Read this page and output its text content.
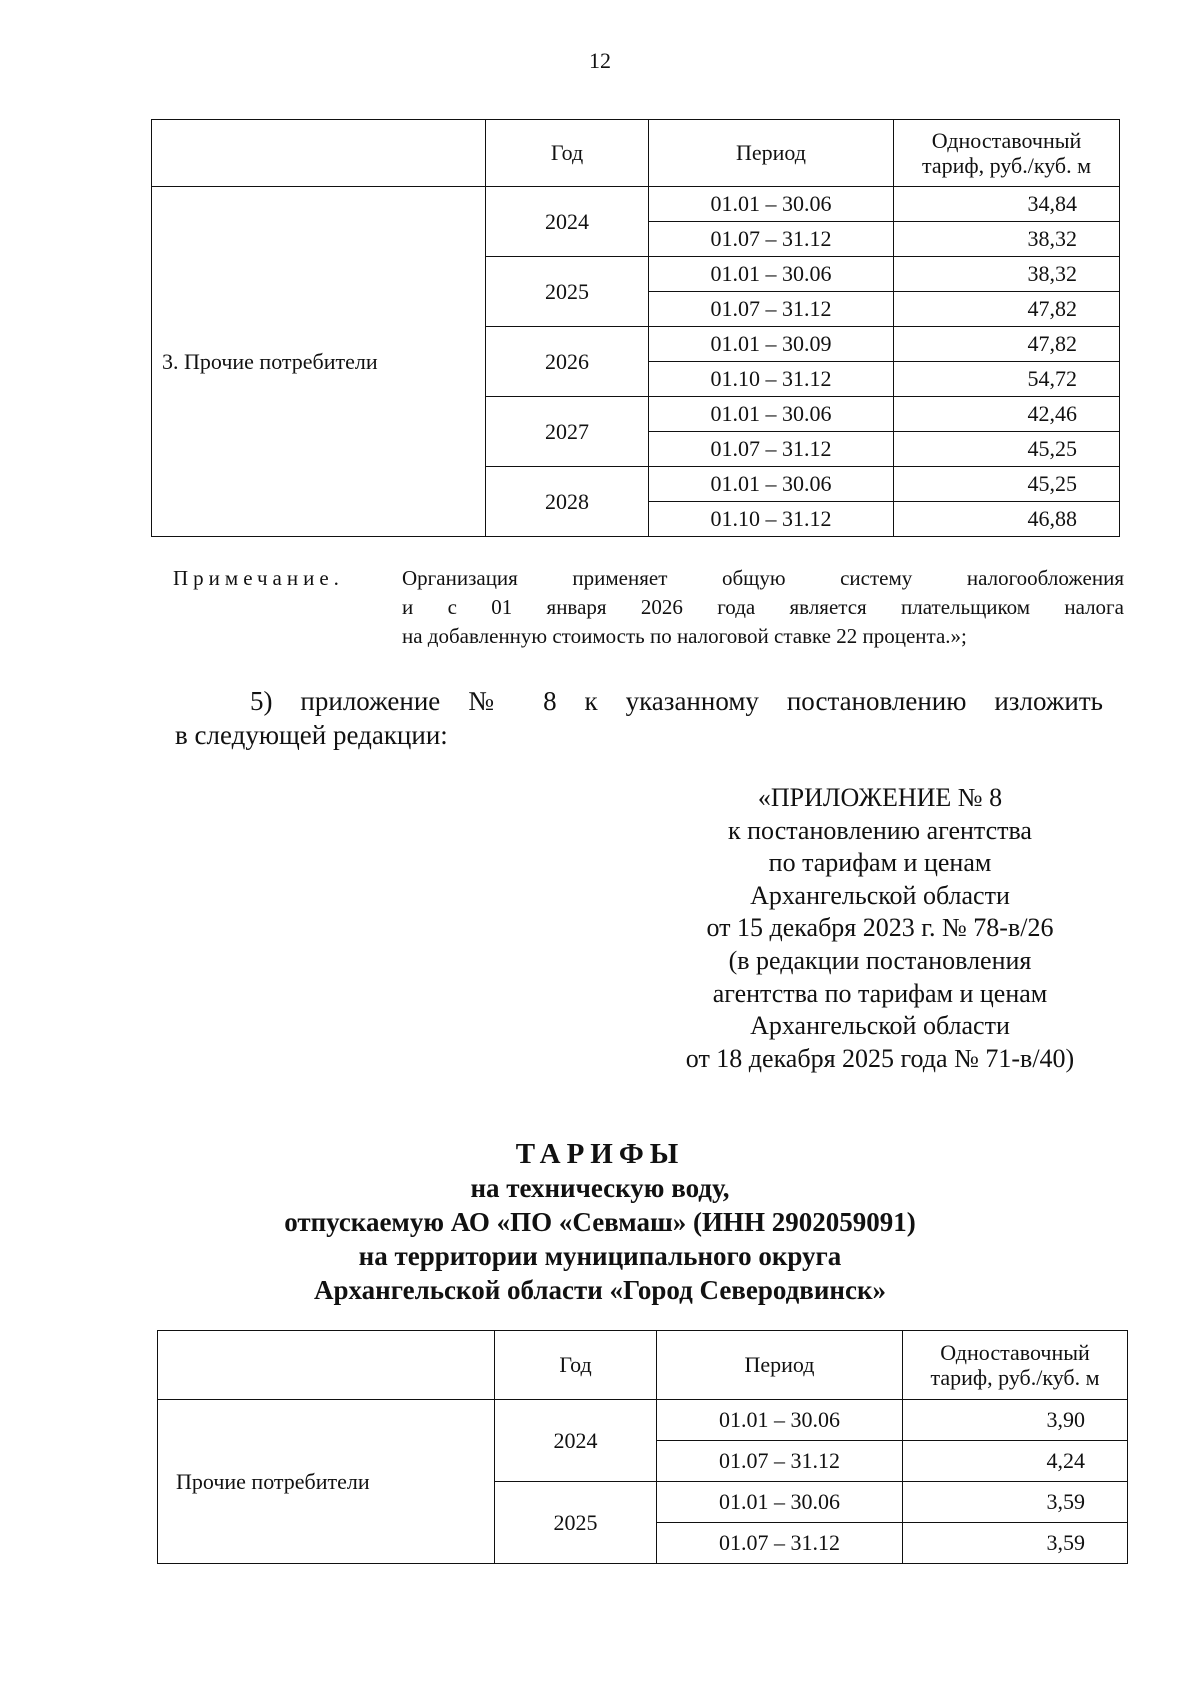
12
	Год	Период	Одноставочный
тариф, руб./куб. м
3. Прочие потребители	2024	01.01 – 30.06	34,84
		01.07 – 31.12	38,32
	2025	01.01 – 30.06	38,32
		01.07 – 31.12	47,82
	2026	01.01 – 30.09	47,82
		01.10 – 31.12	54,72
	2027	01.01 – 30.06	42,46
		01.07 – 31.12	45,25
	2028	01.01 – 30.06	45,25
		01.10 – 31.12	46,88
Примечание.	Организация применяет общую систему налогообложения
и с 01 января 2026 года является плательщиком налога
на добавленную стоимость по налоговой ставке 22 процента.»;
5) приложение № 8 к указанному постановлению изложить
в следующей редакции:
«ПРИЛОЖЕНИЕ № 8
к постановлению агентства
по тарифам и ценам
Архангельской области
от 15 декабря 2023 г. № 78-в/26
(в редакции постановления
агентства по тарифам и ценам
Архангельской области
от 18 декабря 2025 года № 71-в/40)
ТАРИФЫ
на техническую воду,
отпускаемую АО «ПО «Севмаш» (ИНН 2902059091)
на территории муниципального округа
Архангельской области «Город Северодвинск»
	Год	Период	Одноставочный
тариф, руб./куб. м
Прочие потребители	2024	01.01 – 30.06	3,90
		01.07 – 31.12	4,24
	2025	01.01 – 30.06	3,59
		01.07 – 31.12	3,59
